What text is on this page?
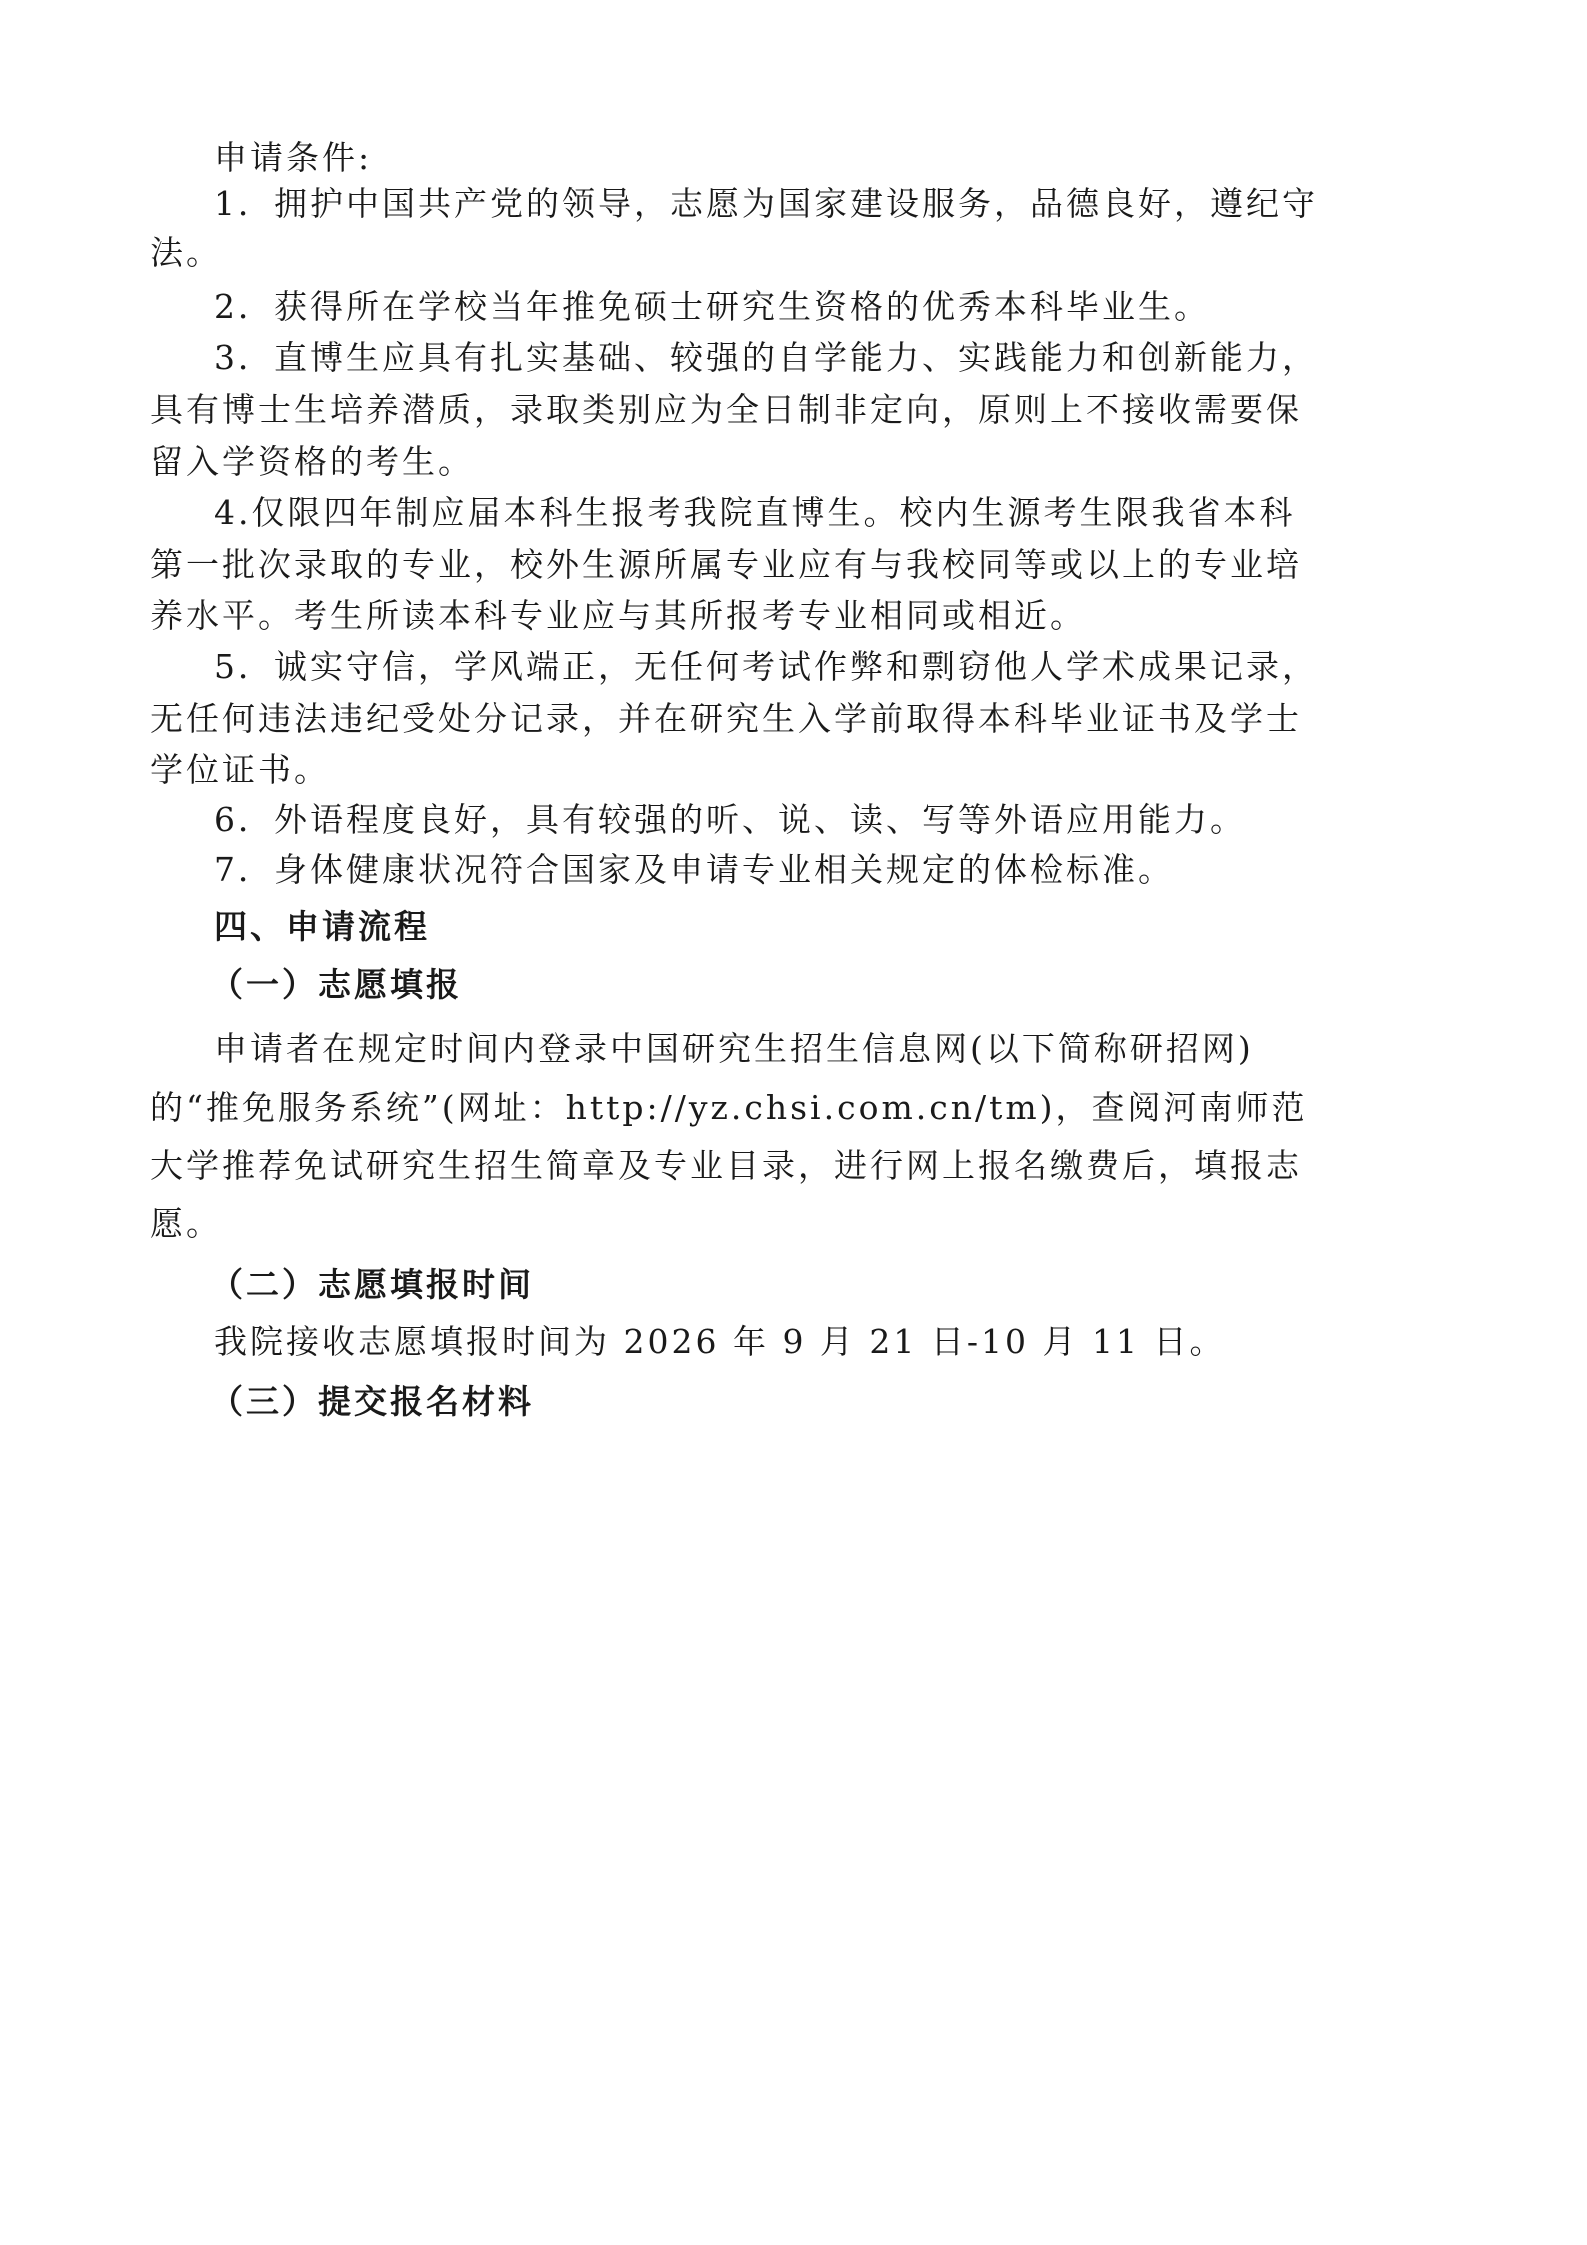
申请条件:
1．拥护中国共产党的领导，志愿为国家建设服务，品德良好，遵纪守
法。
2．获得所在学校当年推免硕士研究生资格的优秀本科毕业生。
3．直博生应具有扎实基础、较强的自学能力、实践能力和创新能力，
具有博士生培养潜质，录取类别应为全日制非定向，原则上不接收需要保
留入学资格的考生。
4.仅限四年制应届本科生报考我院直博生。校内生源考生限我省本科
第一批次录取的专业，校外生源所属专业应有与我校同等或以上的专业培
养水平。考生所读本科专业应与其所报考专业相同或相近。
5．诚实守信，学风端正，无任何考试作弊和剽窃他人学术成果记录，
无任何违法违纪受处分记录，并在研究生入学前取得本科毕业证书及学士
学位证书。
6．外语程度良好，具有较强的听、说、读、写等外语应用能力。
7．身体健康状况符合国家及申请专业相关规定的体检标准。
四、申请流程
（一）志愿填报
申请者在规定时间内登录中国研究生招生信息网(以下简称研招网)
的“推免服务系统”(网址：http://yz.chsi.com.cn/tm)，查阅河南师范
大学推荐免试研究生招生简章及专业目录，进行网上报名缴费后，填报志
愿。
（二）志愿填报时间
我院接收志愿填报时间为 2026 年 9 月 21 日-10 月 11 日。
（三）提交报名材料
